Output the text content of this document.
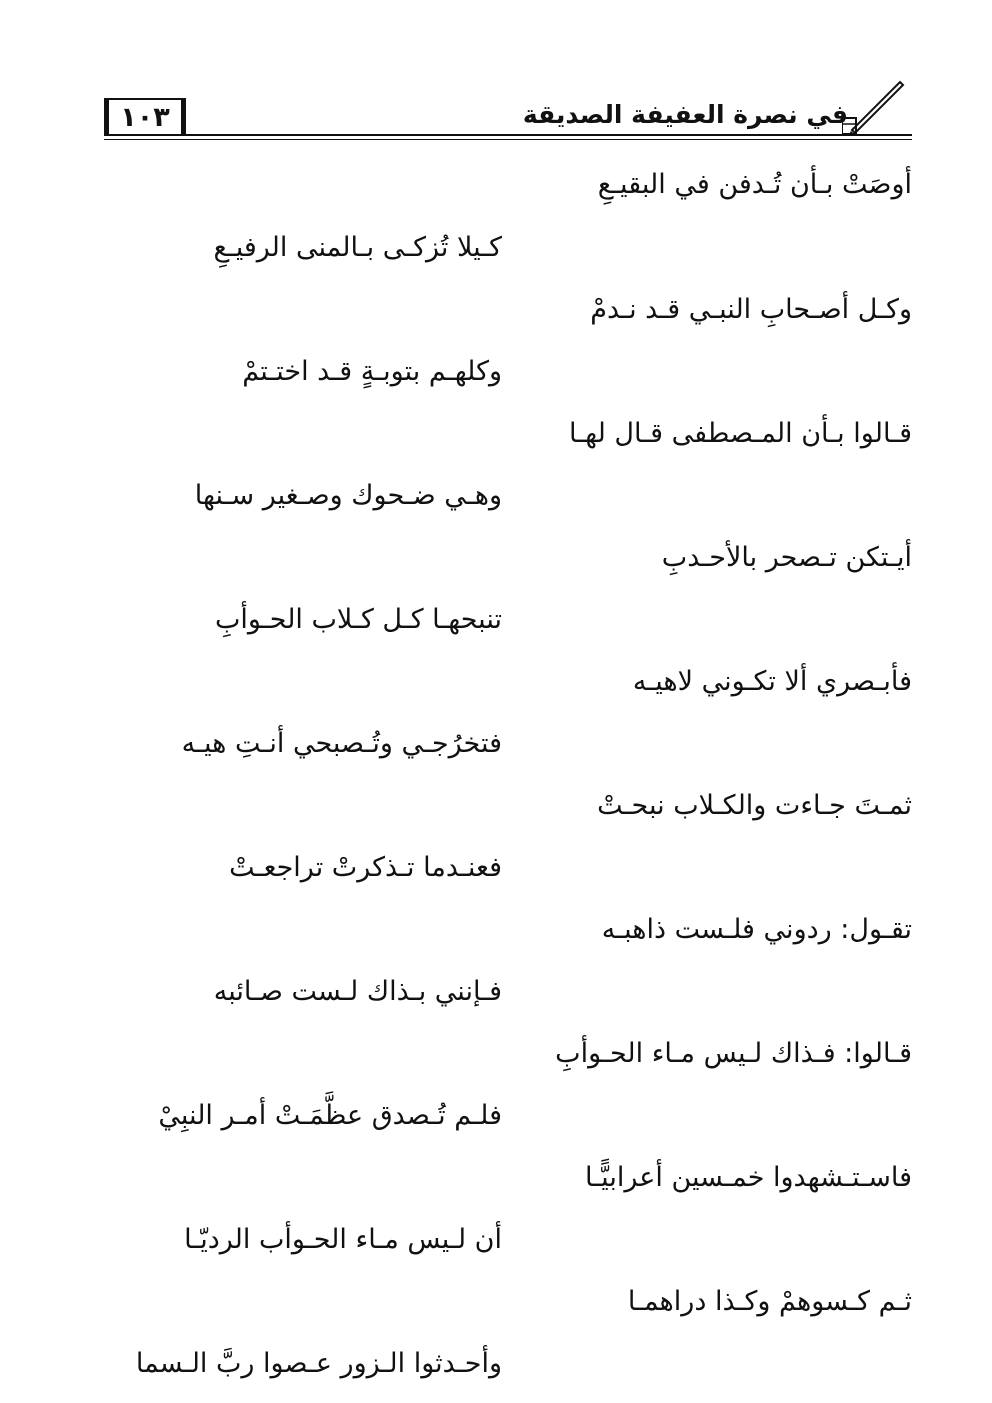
١٠٣	في نصرة العفيفة الصديقة
أوصَتْ بـأن تُـدفن في البقيـعِ
كـيلا تُزكـى بـالمنى الرفيـعِ
وكـل أصـحابِ النبـي قـد نـدمْ
وكلهـم بتوبـةٍ قـد اختـتمْ
قـالوا بـأن المـصطفى قـال لهـا
وهـي ضـحوك وصـغير سـنها
أيـتكن تـصحر بالأحـدبِ
تنبحهـا كـل كـلاب الحـوأبِ
فأبـصري ألا تكـوني لاهيـه
فتخرُجـي وتُـصبحي أنـتِ هيـه
ثمـتَ جـاءت والكـلاب نبحـتْ
فعنـدما تـذكرتْ تراجعـتْ
تقـول: ردوني فلـست ذاهبـه
فـإنني بـذاك لـست صـائبه
قـالوا: فـذاك لـيس مـاء الحـوأبِ
فلـم تُـصدق عظَّمَـتْ أمـر النبِيْ
فاسـتـشهدوا خمـسين أعرابيًّـا
أن لـيس مـاء الحـوأب الرديّـا
ثـم كـسوهمْ وكـذا دراهمـا
وأحـدثوا الـزور عـصوا ربَّ الـسما
